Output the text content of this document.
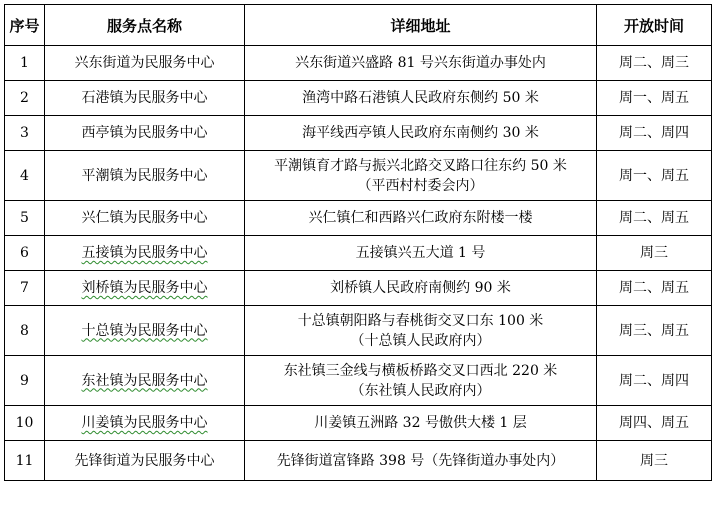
序号	服务点名称	详细地址	开放时间
1	兴东街道为民服务中心	兴东街道兴盛路 81 号兴东街道办事处内	周二、周三
2	石港镇为民服务中心	渔湾中路石港镇人民政府东侧约 50 米	周一、周五
3	西亭镇为民服务中心	海平线西亭镇人民政府东南侧约 30 米	周二、周四
4	平潮镇为民服务中心	平潮镇育才路与振兴北路交叉路口往东约 50 米
（平西村村委会内）	周一、周五
5	兴仁镇为民服务中心	兴仁镇仁和西路兴仁政府东附楼一楼	周二、周五
6	五接镇为民服务中心	五接镇兴五大道 1 号	周三
7	刘桥镇为民服务中心	刘桥镇人民政府南侧约 90 米	周二、周五
8	十总镇为民服务中心	十总镇朝阳路与春桃街交叉口东 100 米
（十总镇人民政府内）	周三、周五
9	东社镇为民服务中心	东社镇三金线与横板桥路交叉口西北 220 米
（东社镇人民政府内）	周二、周四
10	川姜镇为民服务中心	川姜镇五洲路 32 号傲供大楼 1 层	周四、周五
11	先锋街道为民服务中心	先锋街道富锋路 398 号（先锋街道办事处内）	周三
